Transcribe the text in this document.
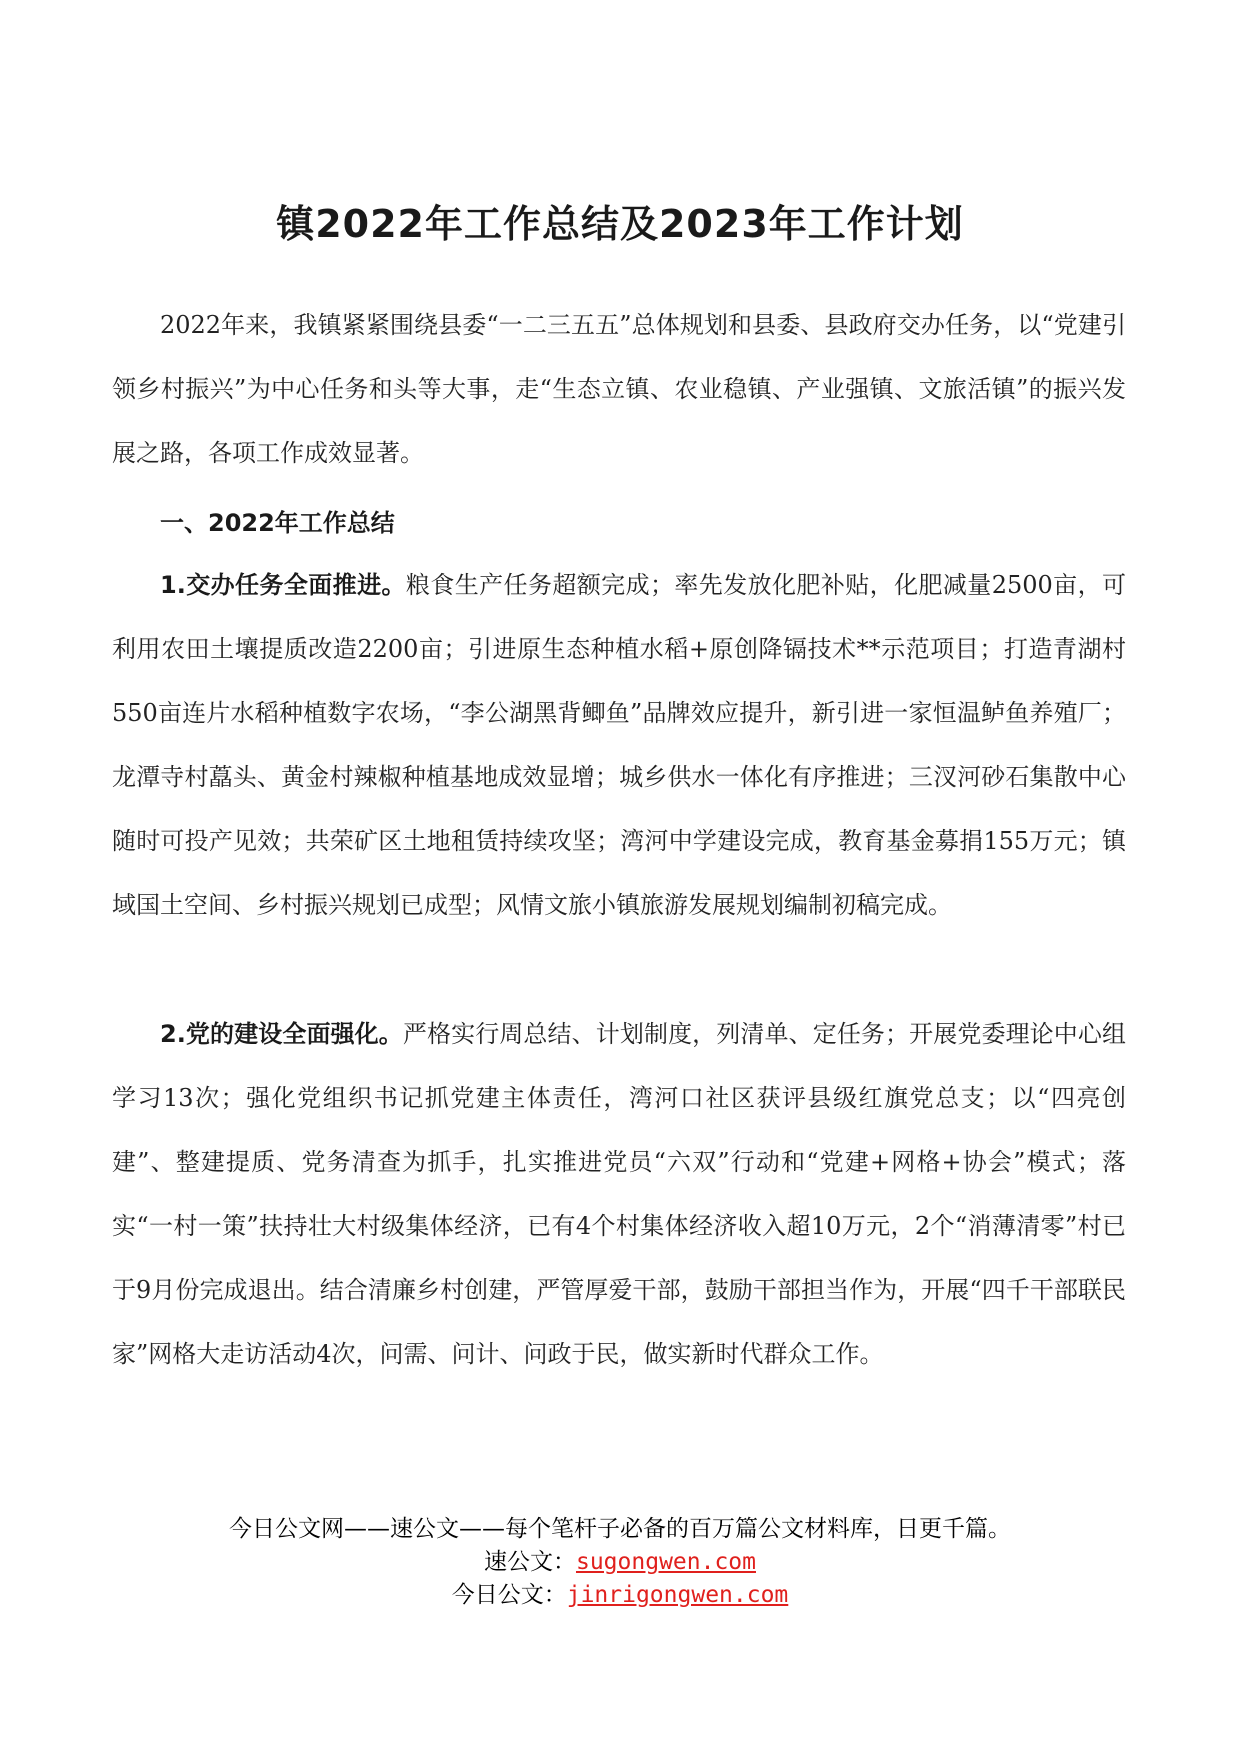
镇2022年工作总结及2023年工作计划

2022年来，我镇紧紧围绕县委“一二三五五”总体规划和县委、县政府交办任务，以“党建引领乡村振兴”为中心任务和头等大事，走“生态立镇、农业稳镇、产业强镇、文旅活镇”的振兴发展之路，各项工作成效显著。

一、2022年工作总结

1.交办任务全面推进。粮食生产任务超额完成；率先发放化肥补贴，化肥减量2500亩，可利用农田土壤提质改造2200亩；引进原生态种植水稻+原创降镉技术**示范项目；打造青湖村550亩连片水稻种植数字农场，“李公湖黑背鲫鱼”品牌效应提升，新引进一家恒温鲈鱼养殖厂；龙潭寺村藠头、黄金村辣椒种植基地成效显增；城乡供水一体化有序推进；三汊河砂石集散中心随时可投产见效；共荣矿区土地租赁持续攻坚；湾河中学建设完成，教育基金募捐155万元；镇域国土空间、乡村振兴规划已成型；风情文旅小镇旅游发展规划编制初稿完成。

2.党的建设全面强化。严格实行周总结、计划制度，列清单、定任务；开展党委理论中心组学习13次；强化党组织书记抓党建主体责任，湾河口社区获评县级红旗党总支；以“四亮创建”、整建提质、党务清查为抓手，扎实推进党员“六双”行动和“党建+网格+协会”模式；落实“一村一策”扶持壮大村级集体经济，已有4个村集体经济收入超10万元，2个“消薄清零”村已于9月份完成退出。结合清廉乡村创建，严管厚爱干部，鼓励干部担当作为，开展“四千干部联民家”网格大走访活动4次，问需、问计、问政于民，做实新时代群众工作。

今日公文网——速公文——每个笔杆子必备的百万篇公文材料库，日更千篇。
速公文：sugongwen.com
今日公文：jinrigongwen.com
